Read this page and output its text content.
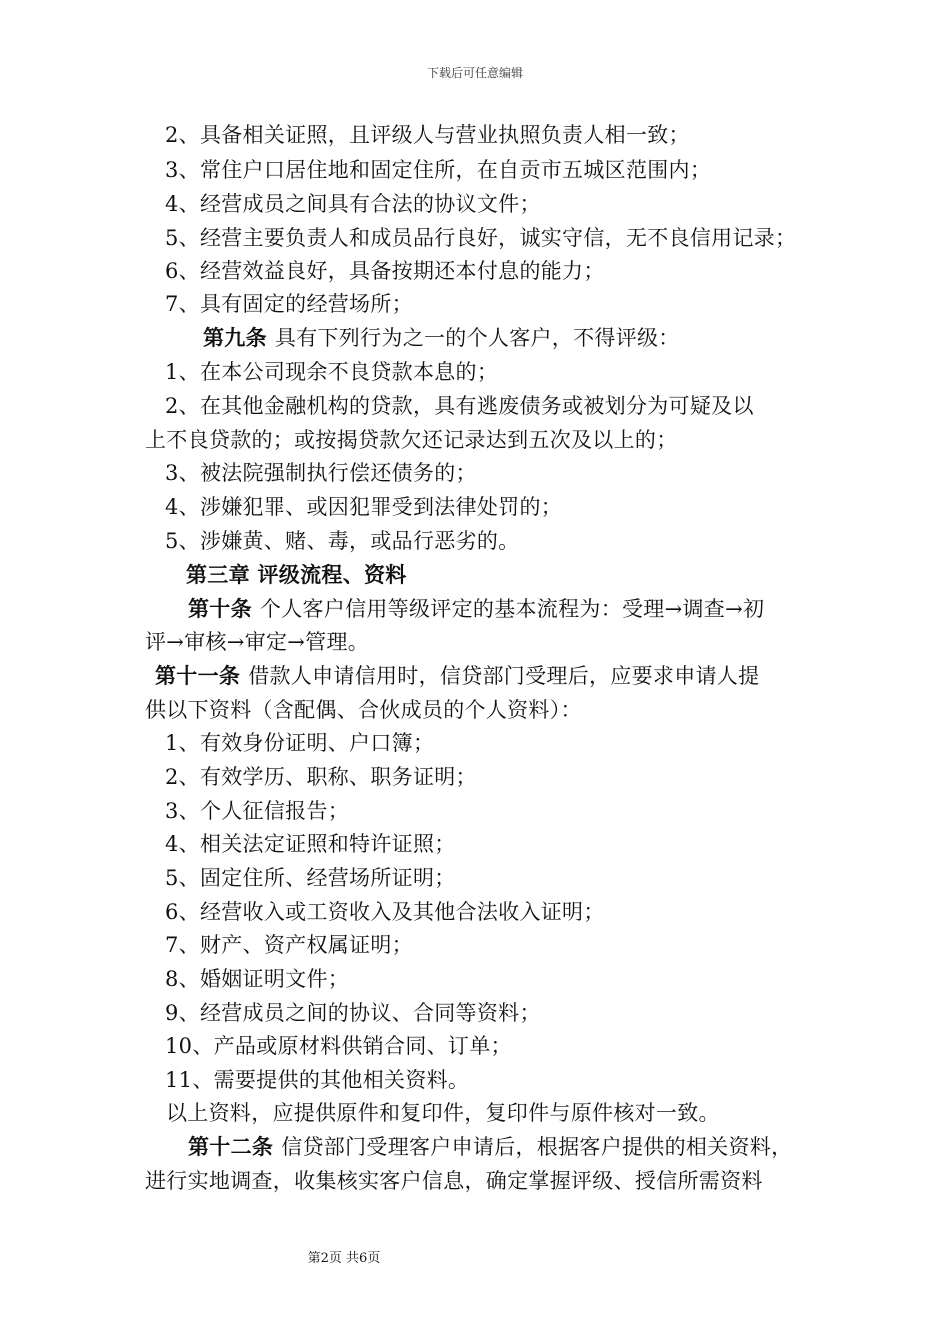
下载后可任意编辑
2、具备相关证照，且评级人与营业执照负责人相一致；
3、常住户口居住地和固定住所，在自贡市五城区范围内；
4、经营成员之间具有合法的协议文件；
5、经营主要负责人和成员品行良好，诚实守信，无不良信用记录；
6、经营效益良好，具备按期还本付息的能力；
7、具有固定的经营场所；
第九条 具有下列行为之一的个人客户，不得评级：
1、在本公司现余不良贷款本息的；
2、在其他金融机构的贷款，具有逃废债务或被划分为可疑及以
上不良贷款的；或按揭贷款欠还记录达到五次及以上的；
3、被法院强制执行偿还债务的；
4、涉嫌犯罪、或因犯罪受到法律处罚的；
5、涉嫌黄、赌、毒，或品行恶劣的。
第三章 评级流程、资料
第十条 个人客户信用等级评定的基本流程为：受理→调查→初
评→审核→审定→管理。
第十一条 借款人申请信用时，信贷部门受理后，应要求申请人提
供以下资料（含配偶、合伙成员的个人资料）：
1、有效身份证明、户口簿；
2、有效学历、职称、职务证明；
3、个人征信报告；
4、相关法定证照和特许证照；
5、固定住所、经营场所证明；
6、经营收入或工资收入及其他合法收入证明；
7、财产、资产权属证明；
8、婚姻证明文件；
9、经营成员之间的协议、合同等资料；
10、产品或原材料供销合同、订单；
11、需要提供的其他相关资料。
以上资料，应提供原件和复印件，复印件与原件核对一致。
第十二条 信贷部门受理客户申请后，根据客户提供的相关资料，
进行实地调查，收集核实客户信息，确定掌握评级、授信所需资料
第2页 共6页
